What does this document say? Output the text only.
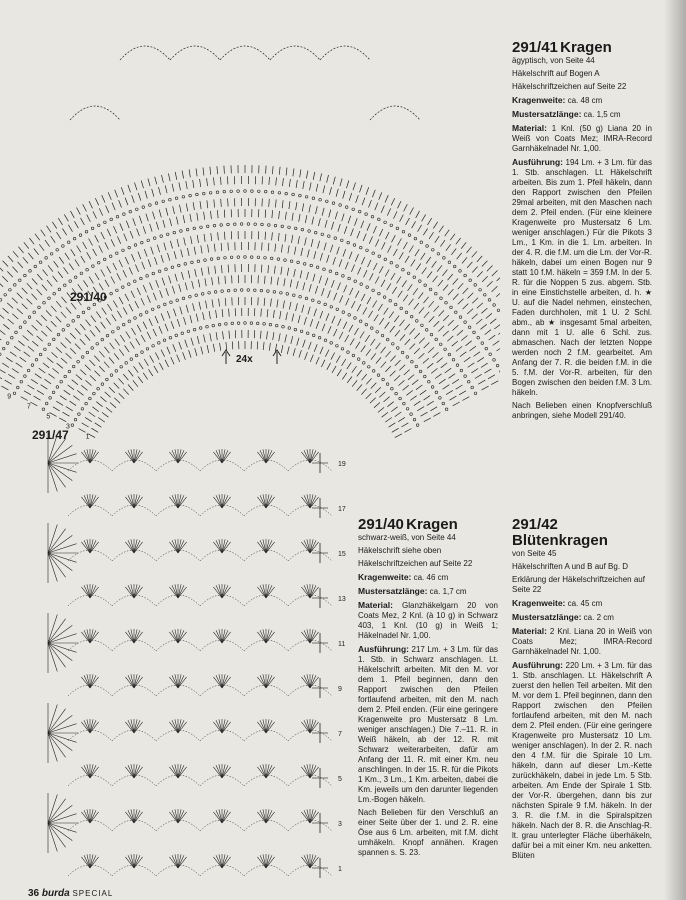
1
3
5
7
9
1
3
5
7
9
11
13
15
17
19
291/40
291/47
24x
291/41 Kragen
ägyptisch, von Seite 44

Häkelschrift auf Bogen A

Häkelschriftzeichen auf Seite 22

Kragenweite: ca. 48 cm

Mustersatzlänge: ca. 1,5 cm

Material: 1 Knl. (50 g) Liana 20 in Weiß von Coats Mez; IMRA-Record Garnhäkelnadel Nr. 1,00.

Ausführung: 194 Lm. + 3 Lm. für das 1. Stb. anschlagen. Lt. Häkelschrift arbeiten. Bis zum 1. Pfeil häkeln, dann den Rapport zwischen den Pfeilen 29mal arbeiten, mit den Maschen nach dem 2. Pfeil enden. (Für eine kleinere Kragenweite pro Mustersatz 6 Lm. weniger anschlagen.) Für die Pikots 3 Lm., 1 Km. in die 1. Lm. arbeiten. In der 4. R. die f.M. um die Lm. der Vor-R. häkeln, dabei um einen Bogen nur 9 statt 10 f.M. häkeln = 359 f.M. In der 5. R. für die Noppen 5 zus. abgem. Stb. in eine Einstichstelle arbeiten, d. h. ★ U. auf die Nadel nehmen, einstechen, Faden durchholen, mit 1 U. 2 Schl. abm., ab ★ insgesamt 5mal arbeiten, dann mit 1 U. alle 6 Schl. zus. abmaschen. Nach der letzten Noppe werden noch 2 f.M. gearbeitet. Am Anfang der 7. R. die beiden f.M. in die 5. f.M. der Vor-R. arbeiten, für den Bogen zwischen den beiden f.M. 3 Lm. häkeln.

Nach Belieben einen Knopfverschluß anbringen, siehe Modell 291/40.

291/40 Kragen
schwarz-weiß, von Seite 44

Häkelschrift siehe oben

Häkelschriftzeichen auf Seite 22

Kragenweite: ca. 46 cm

Mustersatzlänge: ca. 1,7 cm

Material: Glanzhäkelgarn 20 von Coats Mez, 2 Knl. (à 10 g) in Schwarz 403, 1 Knl. (10 g) in Weiß 1; Häkelnadel Nr. 1,00.

Ausführung: 217 Lm. + 3 Lm. für das 1. Stb. in Schwarz anschlagen. Lt. Häkelschrift arbeiten. Mit den M. vor dem 1. Pfeil beginnen, dann den Rapport zwischen den Pfeilen fortlaufend arbeiten, mit den M. nach dem 2. Pfeil enden. (Für eine geringere Kragenweite pro Mustersatz 8 Lm. weniger anschlagen.) Die 7.–11. R. in Weiß häkeln, ab der 12. R. mit Schwarz weiterarbeiten, dafür am Anfang der 11. R. mit einer Km. neu anschlingen. In der 15. R. für die Pikots 1 Km., 3 Lm., 1 Km. arbeiten, dabei die Km. jeweils um den darunter liegenden Lm.-Bogen häkeln.

Nach Belieben für den Verschluß an einer Seite über der 1. und 2. R. eine Öse aus 6 Lm. arbeiten, mit f.M. dicht umhäkeln. Knopf annähen. Kragen spannen s. S. 23.

291/42
Blütenkragen
von Seite 45

Häkelschriften A und B auf Bg. D

Erklärung der Häkelschriftzeichen auf Seite 22

Kragenweite: ca. 45 cm

Mustersatzlänge: ca. 2 cm

Material: 2 Knl. Liana 20 in Weiß von Coats Mez; IMRA-Record Garnhäkelnadel Nr. 1,00.

Ausführung: 220 Lm. + 3 Lm. für das 1. Stb. anschlagen. Lt. Häkelschrift A zuerst den hellen Teil arbeiten. Mit den M. vor dem 1. Pfeil beginnen, dann den Rapport zwischen den Pfeilen fortlaufend arbeiten, mit den M. nach dem 2. Pfeil enden. (Für eine geringere Kragenweite pro Mustersatz 10 Lm. weniger anschlagen). In der 2. R. nach den 4 f.M. für die Spirale 10 Lm. häkeln, dann auf dieser Lm.-Kette zurückhäkeln, dabei in jede Lm. 5 Stb. arbeiten. Am Ende der Spirale 1 Stb. der Vor-R. übergehen, dann bis zur nächsten Spirale 9 f.M. häkeln. In der 3. R. die f.M. in die Spiralspitzen häkeln. Nach der 8. R. die Anschlag-R. lt. grau unterlegter Fläche überhäkeln, dafür bei a mit einer Km. neu anketten. Blüten

36 burda SPECIAL
